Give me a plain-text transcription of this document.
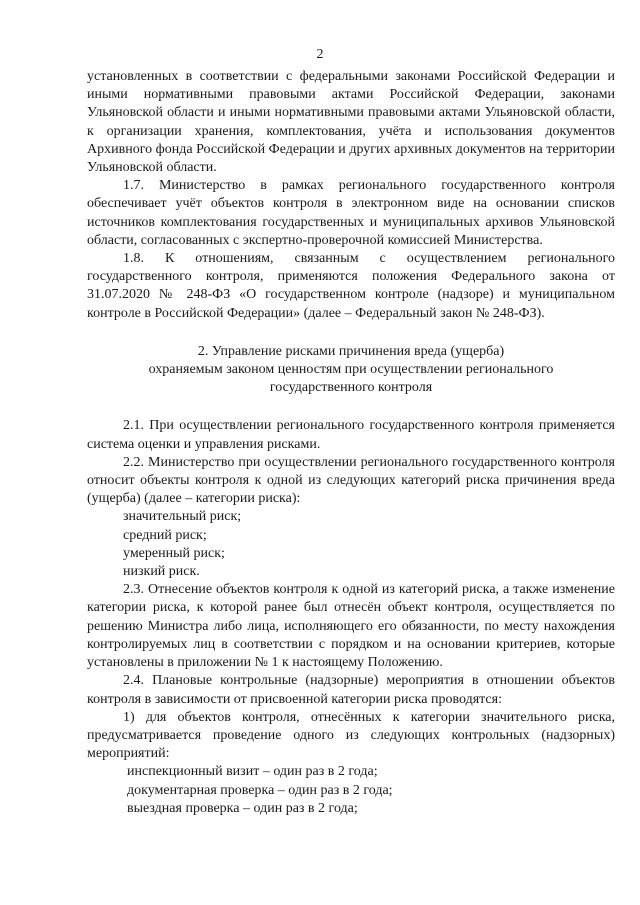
2

установленных в соответствии с федеральными законами Российской Федерации и иными нормативными правовыми актами Российской Федерации, законами Ульяновской области и иными нормативными правовыми актами Ульяновской области, к организации хранения, комплектования, учёта и использования документов Архивного фонда Российской Федерации и других архивных документов на территории Ульяновской области.

1.7. Министерство в рамках регионального государственного контроля обеспечивает учёт объектов контроля в электронном виде на основании списков источников комплектования государственных и муниципальных архивов Ульяновской области, согласованных с экспертно-проверочной комиссией Министерства.

1.8. К отношениям, связанным с осуществлением регионального государственного контроля, применяются положения Федерального закона от 31.07.2020 № 248-ФЗ «О государственном контроле (надзоре) и муниципальном контроле в Российской Федерации» (далее – Федеральный закон № 248-ФЗ).

2. Управление рисками причинения вреда (ущерба)
охраняемым законом ценностям при осуществлении регионального
государственного контроля

2.1. При осуществлении регионального государственного контроля применяется система оценки и управления рисками.

2.2. Министерство при осуществлении регионального государственного контроля относит объекты контроля к одной из следующих категорий риска причинения вреда (ущерба) (далее – категории риска):

значительный риск;

средний риск;

умеренный риск;

низкий риск.

2.3. Отнесение объектов контроля к одной из категорий риска, а также изменение категории риска, к которой ранее был отнесён объект контроля, осуществляется по решению Министра либо лица, исполняющего его обязанности, по месту нахождения контролируемых лиц в соответствии с порядком и на основании критериев, которые установлены в приложении № 1 к настоящему Положению.

2.4. Плановые контрольные (надзорные) мероприятия в отношении объектов контроля в зависимости от присвоенной категории риска проводятся:

1) для объектов контроля, отнесённых к категории значительного риска, предусматривается проведение одного из следующих контрольных (надзорных) мероприятий:

инспекционный визит – один раз в 2 года;

документарная проверка – один раз в 2 года;

выездная проверка – один раз в 2 года;
